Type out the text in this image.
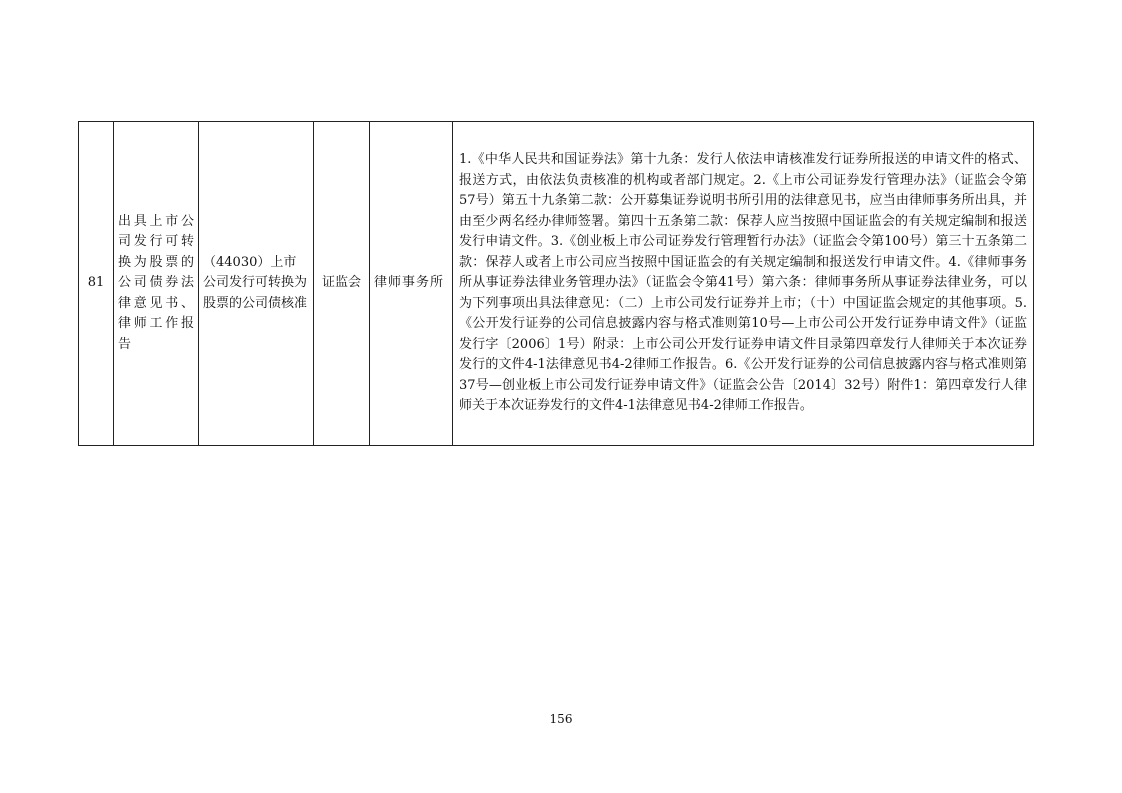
81	出具上市公司发行可转换为股票的公司债券法律意见书、律师工作报告	（44030）上市公司发行可转换为股票的公司债核准	证监会	律师事务所	1.《中华人民共和国证券法》第十九条：发行人依法申请核准发行证券所报送的申请文件的格式、报送方式，由依法负责核准的机构或者部门规定。2.《上市公司证券发行管理办法》（证监会令第57号）第五十九条第二款：公开募集证券说明书所引用的法律意见书，应当由律师事务所出具，并由至少两名经办律师签署。第四十五条第二款：保荐人应当按照中国证监会的有关规定编制和报送发行申请文件。3.《创业板上市公司证券发行管理暂行办法》（证监会令第100号）第三十五条第二款：保荐人或者上市公司应当按照中国证监会的有关规定编制和报送发行申请文件。4.《律师事务所从事证券法律业务管理办法》（证监会令第41号）第六条：律师事务所从事证券法律业务，可以为下列事项出具法律意见：（二）上市公司发行证券并上市；（十）中国证监会规定的其他事项。5.《公开发行证券的公司信息披露内容与格式准则第10号—上市公司公开发行证券申请文件》（证监发行字〔2006〕1号）附录：上市公司公开发行证券申请文件目录第四章发行人律师关于本次证券发行的文件4-1法律意见书4-2律师工作报告。6.《公开发行证券的公司信息披露内容与格式准则第37号—创业板上市公司发行证券申请文件》（证监会公告〔2014〕32号）附件1：第四章发行人律师关于本次证券发行的文件4-1法律意见书4-2律师工作报告。
156
